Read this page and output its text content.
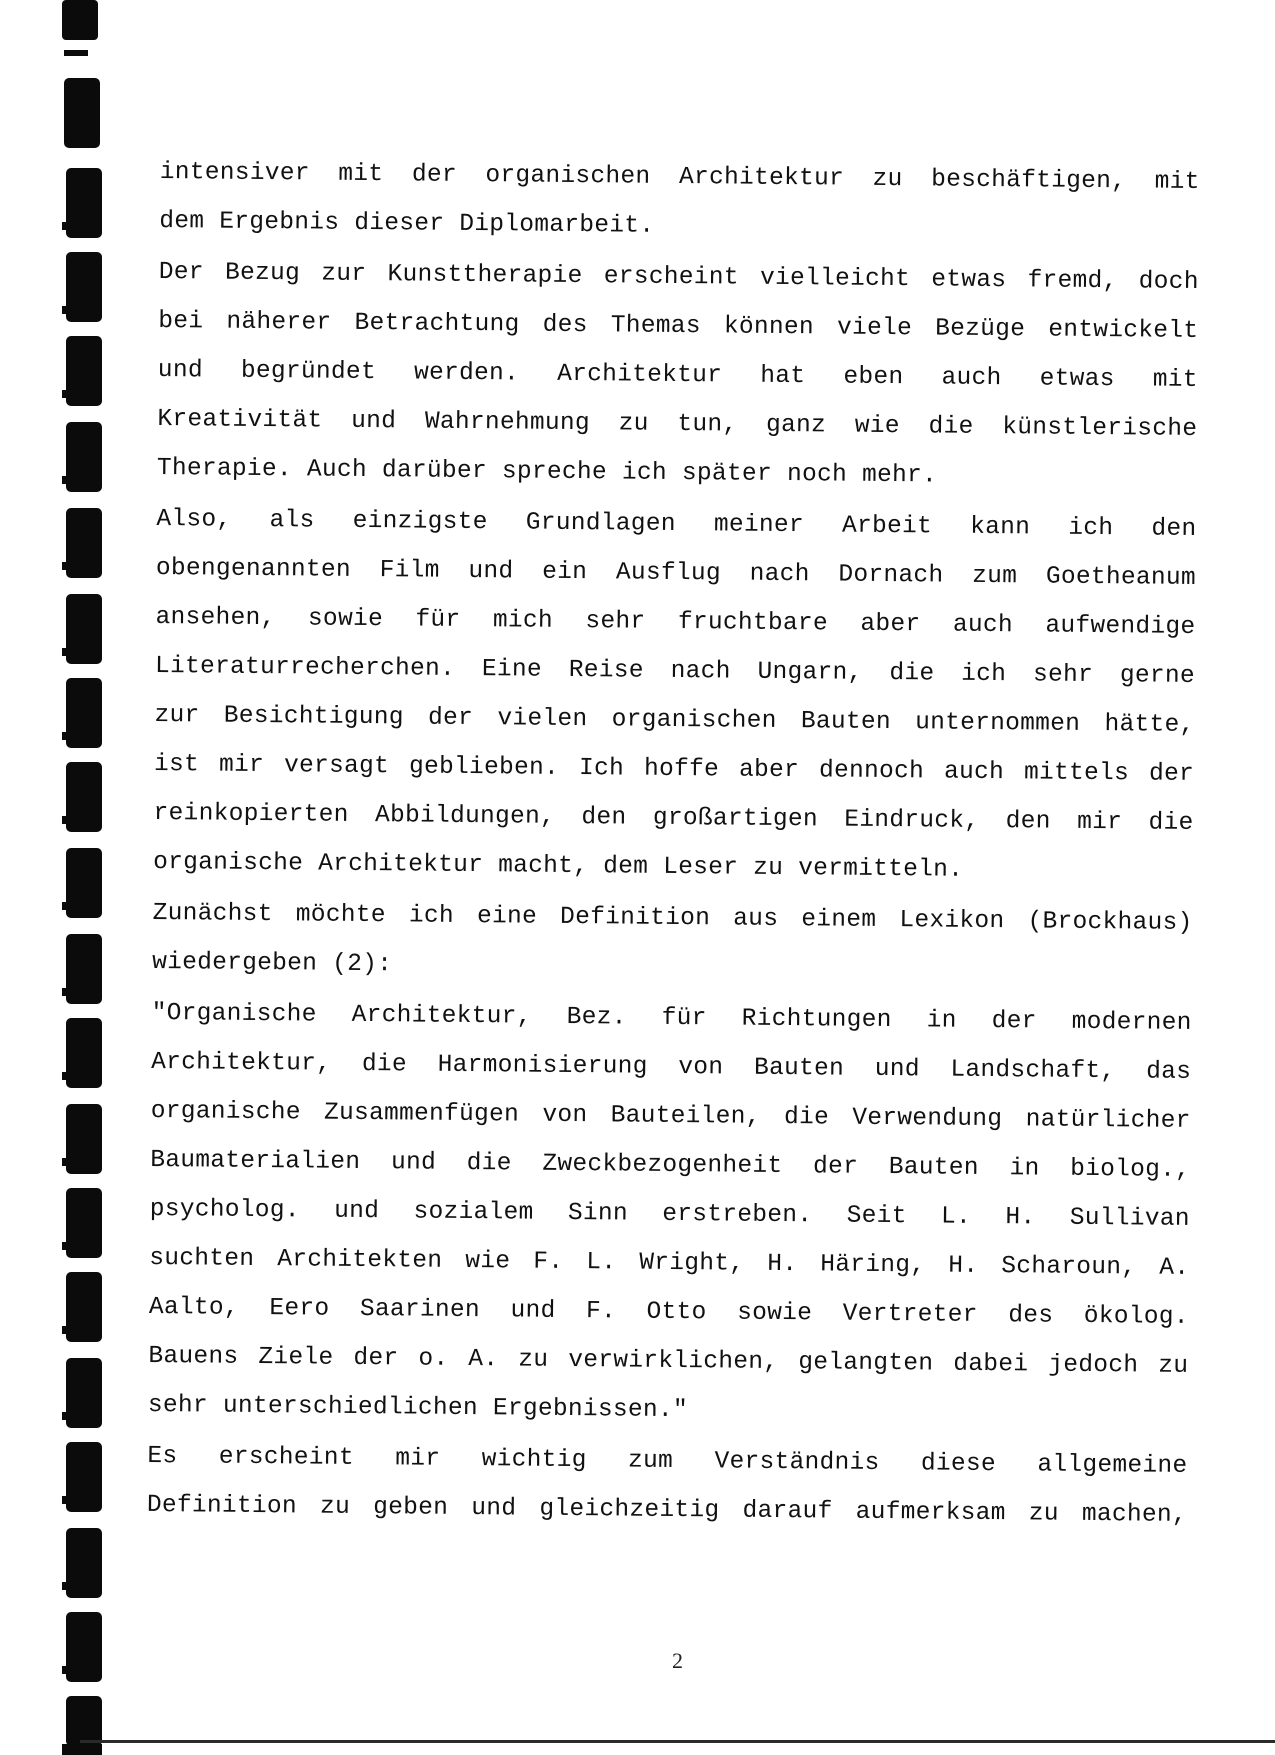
intensiver mit der organischen Architektur zu beschäftigen, mit
dem Ergebnis dieser Diplomarbeit.

Der Bezug zur Kunsttherapie erscheint vielleicht etwas fremd, doch
bei näherer Betrachtung des Themas können viele Bezüge entwickelt
und begründet werden. Architektur hat eben auch etwas mit
Kreativität und Wahrnehmung zu tun, ganz wie die künstlerische
Therapie. Auch darüber spreche ich später noch mehr.

Also, als einzigste Grundlagen meiner Arbeit kann ich den
obengenannten Film und ein Ausflug nach Dornach zum Goetheanum
ansehen, sowie für mich sehr fruchtbare aber auch aufwendige
Literaturrecherchen. Eine Reise nach Ungarn, die ich sehr gerne
zur Besichtigung der vielen organischen Bauten unternommen hätte,
ist mir versagt geblieben. Ich hoffe aber dennoch auch mittels der
reinkopierten Abbildungen, den großartigen Eindruck, den mir die
organische Architektur macht, dem Leser zu vermitteln.

Zunächst möchte ich eine Definition aus einem Lexikon (Brockhaus)
wiedergeben (2):

"Organische Architektur, Bez. für Richtungen in der modernen
Architektur, die Harmonisierung von Bauten und Landschaft, das
organische Zusammenfügen von Bauteilen, die Verwendung natürlicher
Baumaterialien und die Zweckbezogenheit der Bauten in biolog.,
psycholog. und sozialem Sinn erstreben. Seit L. H. Sullivan
suchten Architekten wie F. L. Wright, H. Häring, H. Scharoun, A.
Aalto, Eero Saarinen und F. Otto sowie Vertreter des ökolog.
Bauens Ziele der o. A. zu verwirklichen, gelangten dabei jedoch zu
sehr unterschiedlichen Ergebnissen."

Es erscheint mir wichtig zum Verständnis diese allgemeine
Definition zu geben und gleichzeitig darauf aufmerksam zu machen,

2
